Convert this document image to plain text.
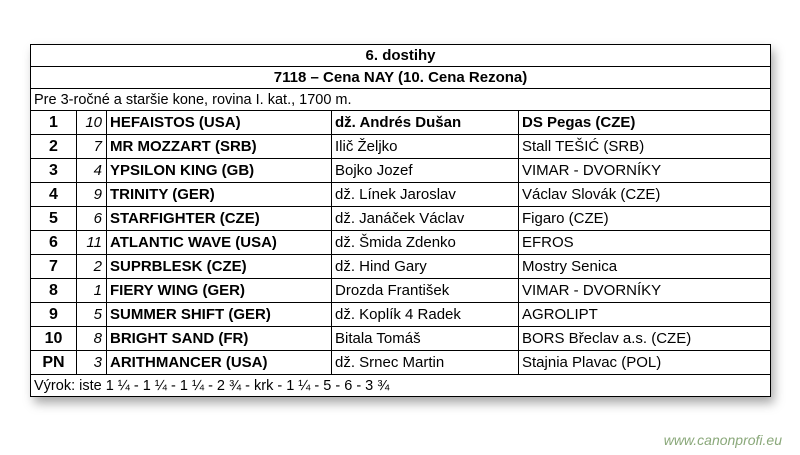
6. dostihy				
7118 – Cena NAY (10. Cena Rezona)				
Pre 3-ročné a staršie kone, rovina I. kat., 1700 m.				
1	10	HEFAISTOS (USA)	dž. Andrés Dušan	DS Pegas (CZE)
2	7	MR MOZZART (SRB)	Ilič Željko	Stall TEŠIĆ (SRB)
3	4	YPSILON KING (GB)	Bojko Jozef	VIMAR - DVORNÍKY
4	9	TRINITY (GER)	dž. Línek Jaroslav	Václav Slovák (CZE)
5	6	STARFIGHTER (CZE)	dž. Janáček Václav	Figaro (CZE)
6	11	ATLANTIC WAVE (USA)	dž. Šmida Zdenko	EFROS
7	2	SUPRBLESK (CZE)	dž. Hind Gary	Mostry Senica
8	1	FIERY WING (GER)	Drozda František	VIMAR - DVORNÍKY
9	5	SUMMER SHIFT (GER)	dž. Koplík 4 Radek	AGROLIPT
10	8	BRIGHT SAND (FR)	Bitala Tomáš	BORS Břeclav a.s. (CZE)
PN	3	ARITHMANCER (USA)	dž. Srnec Martin	Stajnia Plavac (POL)
Výrok: iste 1 ¼ - 1 ¼ - 1 ¼ - 2 ¾ - krk - 1 ¼ - 5 - 6 - 3 ¾				
www.canonprofi.eu
